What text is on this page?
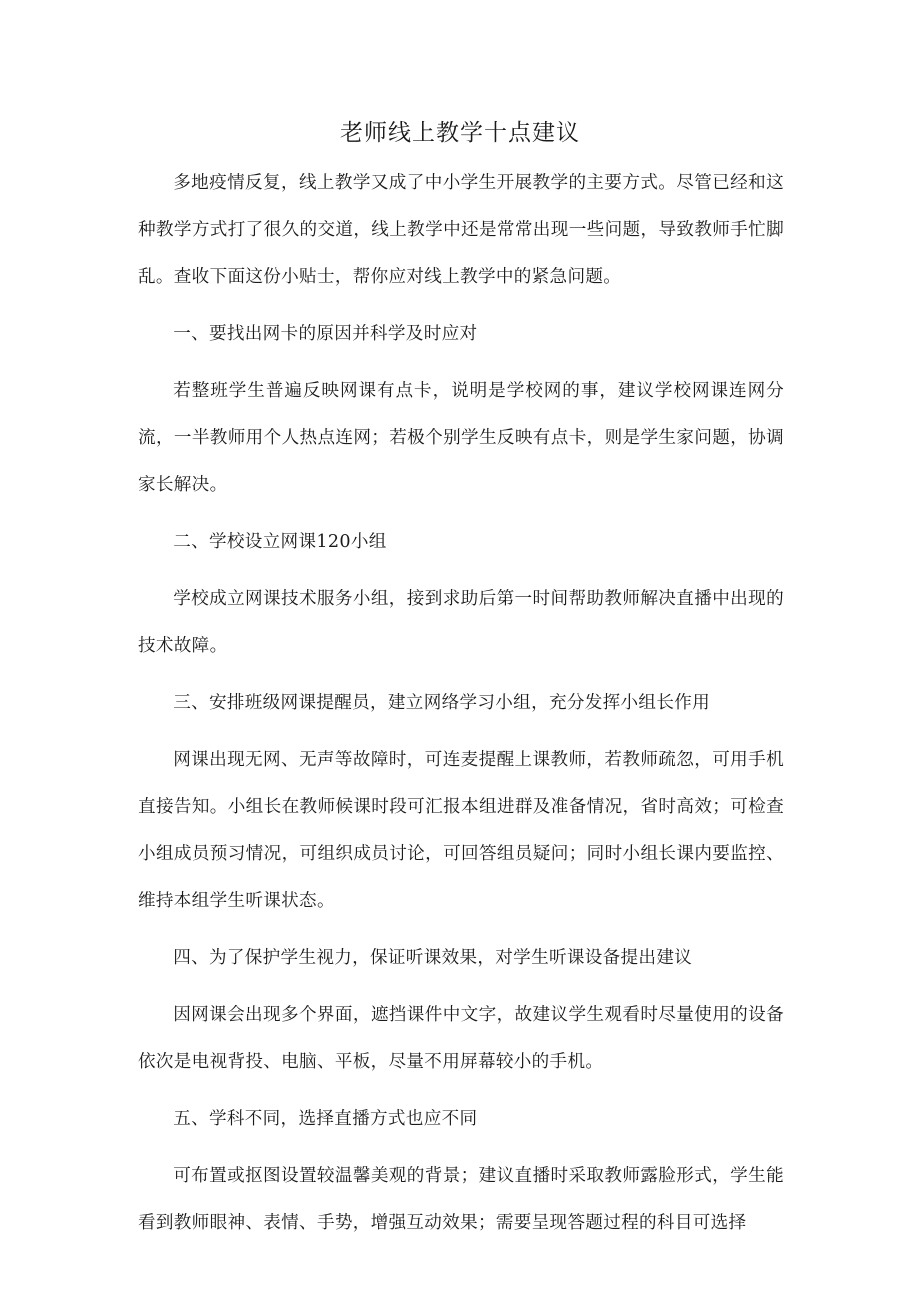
老师线上教学十点建议

多地疫情反复，线上教学又成了中小学生开展教学的主要方式。尽管已经和这种教学方式打了很久的交道，线上教学中还是常常出现一些问题，导致教师手忙脚乱。查收下面这份小贴士，帮你应对线上教学中的紧急问题。

一、要找出网卡的原因并科学及时应对

若整班学生普遍反映网课有点卡，说明是学校网的事，建议学校网课连网分流，一半教师用个人热点连网；若极个别学生反映有点卡，则是学生家问题，协调家长解决。

二、学校设立网课120小组

学校成立网课技术服务小组，接到求助后第一时间帮助教师解决直播中出现的技术故障。

三、安排班级网课提醒员，建立网络学习小组，充分发挥小组长作用

网课出现无网、无声等故障时，可连麦提醒上课教师，若教师疏忽，可用手机直接告知。小组长在教师候课时段可汇报本组进群及准备情况，省时高效；可检查小组成员预习情况，可组织成员讨论，可回答组员疑问；同时小组长课内要监控、维持本组学生听课状态。

四、为了保护学生视力，保证听课效果，对学生听课设备提出建议

因网课会出现多个界面，遮挡课件中文字，故建议学生观看时尽量使用的设备依次是电视背投、电脑、平板，尽量不用屏幕较小的手机。

五、学科不同，选择直播方式也应不同

可布置或抠图设置较温馨美观的背景；建议直播时采取教师露脸形式，学生能看到教师眼神、表情、手势，增强互动效果；需要呈现答题过程的科目可选择
